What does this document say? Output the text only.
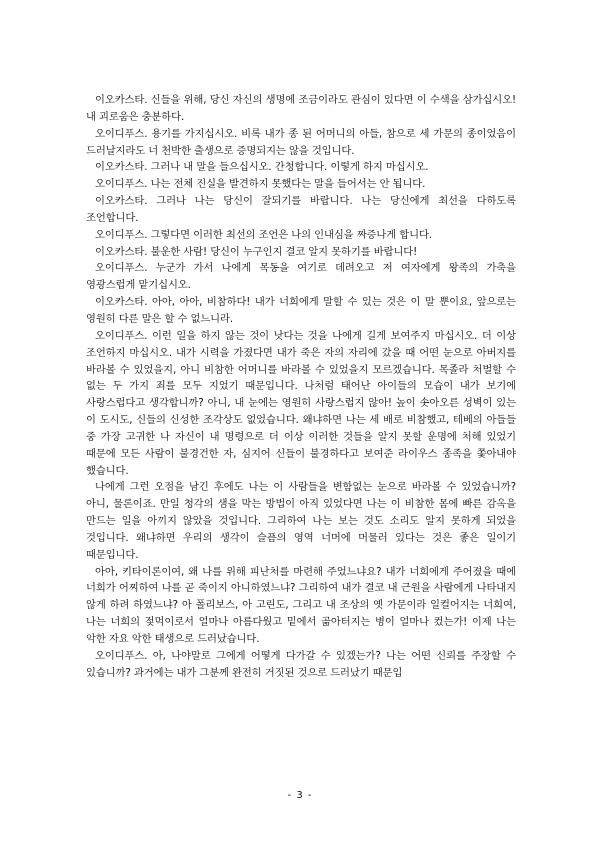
이오카스타. 신들을 위해, 당신 자신의 생명에 조금이라도 관심이 있다면 이 수색을 삼가십시오! 내 괴로움은 충분하다.

오이디푸스. 용기를 가지십시오. 비록 내가 종 된 어머니의 아들, 참으로 세 가문의 종이었음이 드러날지라도 너 천박한 출생으로 증명되지는 않을 것입니다.

이오카스타. 그러나 내 말을 들으십시오. 간청합니다. 이렇게 하지 마십시오.

오이디푸스. 나는 전체 진실을 발견하지 못했다는 말을 들어서는 안 됩니다.

이오카스타. 그러나 나는 당신이 잘되기를 바랍니다. 나는 당신에게 최선을 다하도록 조언합니다.

오이디푸스. 그렇다면 이러한 최선의 조언은 나의 인내심을 짜증나게 합니다.

이오카스타. 불운한 사람! 당신이 누구인지 결코 알지 못하기를 바랍니다!

오이디푸스. 누군가 가서 나에게 목동을 여기로 데려오고 저 여자에게 왕족의 가축을 영광스럽게 맡기십시오.

이오카스타. 아아, 아아, 비참하다! 내가 너희에게 말할 수 있는 것은 이 말 뿐이요, 앞으로는 영원히 다른 말은 할 수 없느니라.

오이디푸스. 이런 일을 하지 않는 것이 낫다는 것을 나에게 길게 보여주지 마십시오. 더 이상 조언하지 마십시오. 내가 시력을 가졌다면 내가 죽은 자의 자리에 갔을 때 어떤 눈으로 아버지를 바라볼 수 있었을지, 아니 비참한 어머니를 바라볼 수 있었을지 모르겠습니다. 목졸라 처벌할 수 없는 두 가지 죄를 모두 지었기 때문입니다. 나처럼 태어난 아이들의 모습이 내가 보기에 사랑스럽다고 생각합니까? 아니, 내 눈에는 영원히 사랑스럽지 않아! 높이 솟아오른 성벽이 있는 이 도시도, 신들의 신성한 조각상도 없었습니다. 왜냐하면 나는 세 배로 비참했고, 테베의 아들들 중 가장 고귀한 나 자신이 내 명령으로 더 이상 이러한 것들을 알지 못할 운명에 처해 있었기 때문에 모든 사람이 불경건한 자, 심지어 신들이 불경하다고 보여준 라이우스 종족을 쫓아내야 했습니다.

나에게 그런 오점을 남긴 후에도 나는 이 사람들을 변함없는 눈으로 바라볼 수 있었습니까? 아니, 물론이죠. 만일 청각의 샘을 막는 방법이 아직 있었다면 나는 이 비참한 몸에 빠른 감옥을 만드는 일을 아끼지 않았을 것입니다. 그리하여 나는 보는 것도 소리도 알지 못하게 되었을 것입니다. 왜냐하면 우리의 생각이 슬픔의 영역 너머에 머물러 있다는 것은 좋은 일이기 때문입니다.

아아, 키타이론이여, 왜 나를 위해 피난처를 마련해 주었느냐요? 내가 너희에게 주어졌을 때에 너희가 어찌하여 나를 곧 죽이지 아니하였느냐? 그리하여 내가 결코 내 근원을 사람에게 나타내지 않게 하려 하였느냐? 아 폴리보스, 아 고린도, 그리고 내 조상의 옛 가문이라 일컬어지는 너희여, 나는 너희의 젖먹이로서 얼마나 아름다웠고 밑에서 곪아터지는 병이 얼마나 컸는가! 이제 나는 악한 자요 악한 태생으로 드러났습니다.

오이디푸스. 아, 나야말로 그에게 어떻게 다가갈 수 있겠는가? 나는 어떤 신뢰를 주장할 수 있습니까? 과거에는 내가 그분께 완전히 거짓된 것으로 드러났기 때문입

- 3 -
